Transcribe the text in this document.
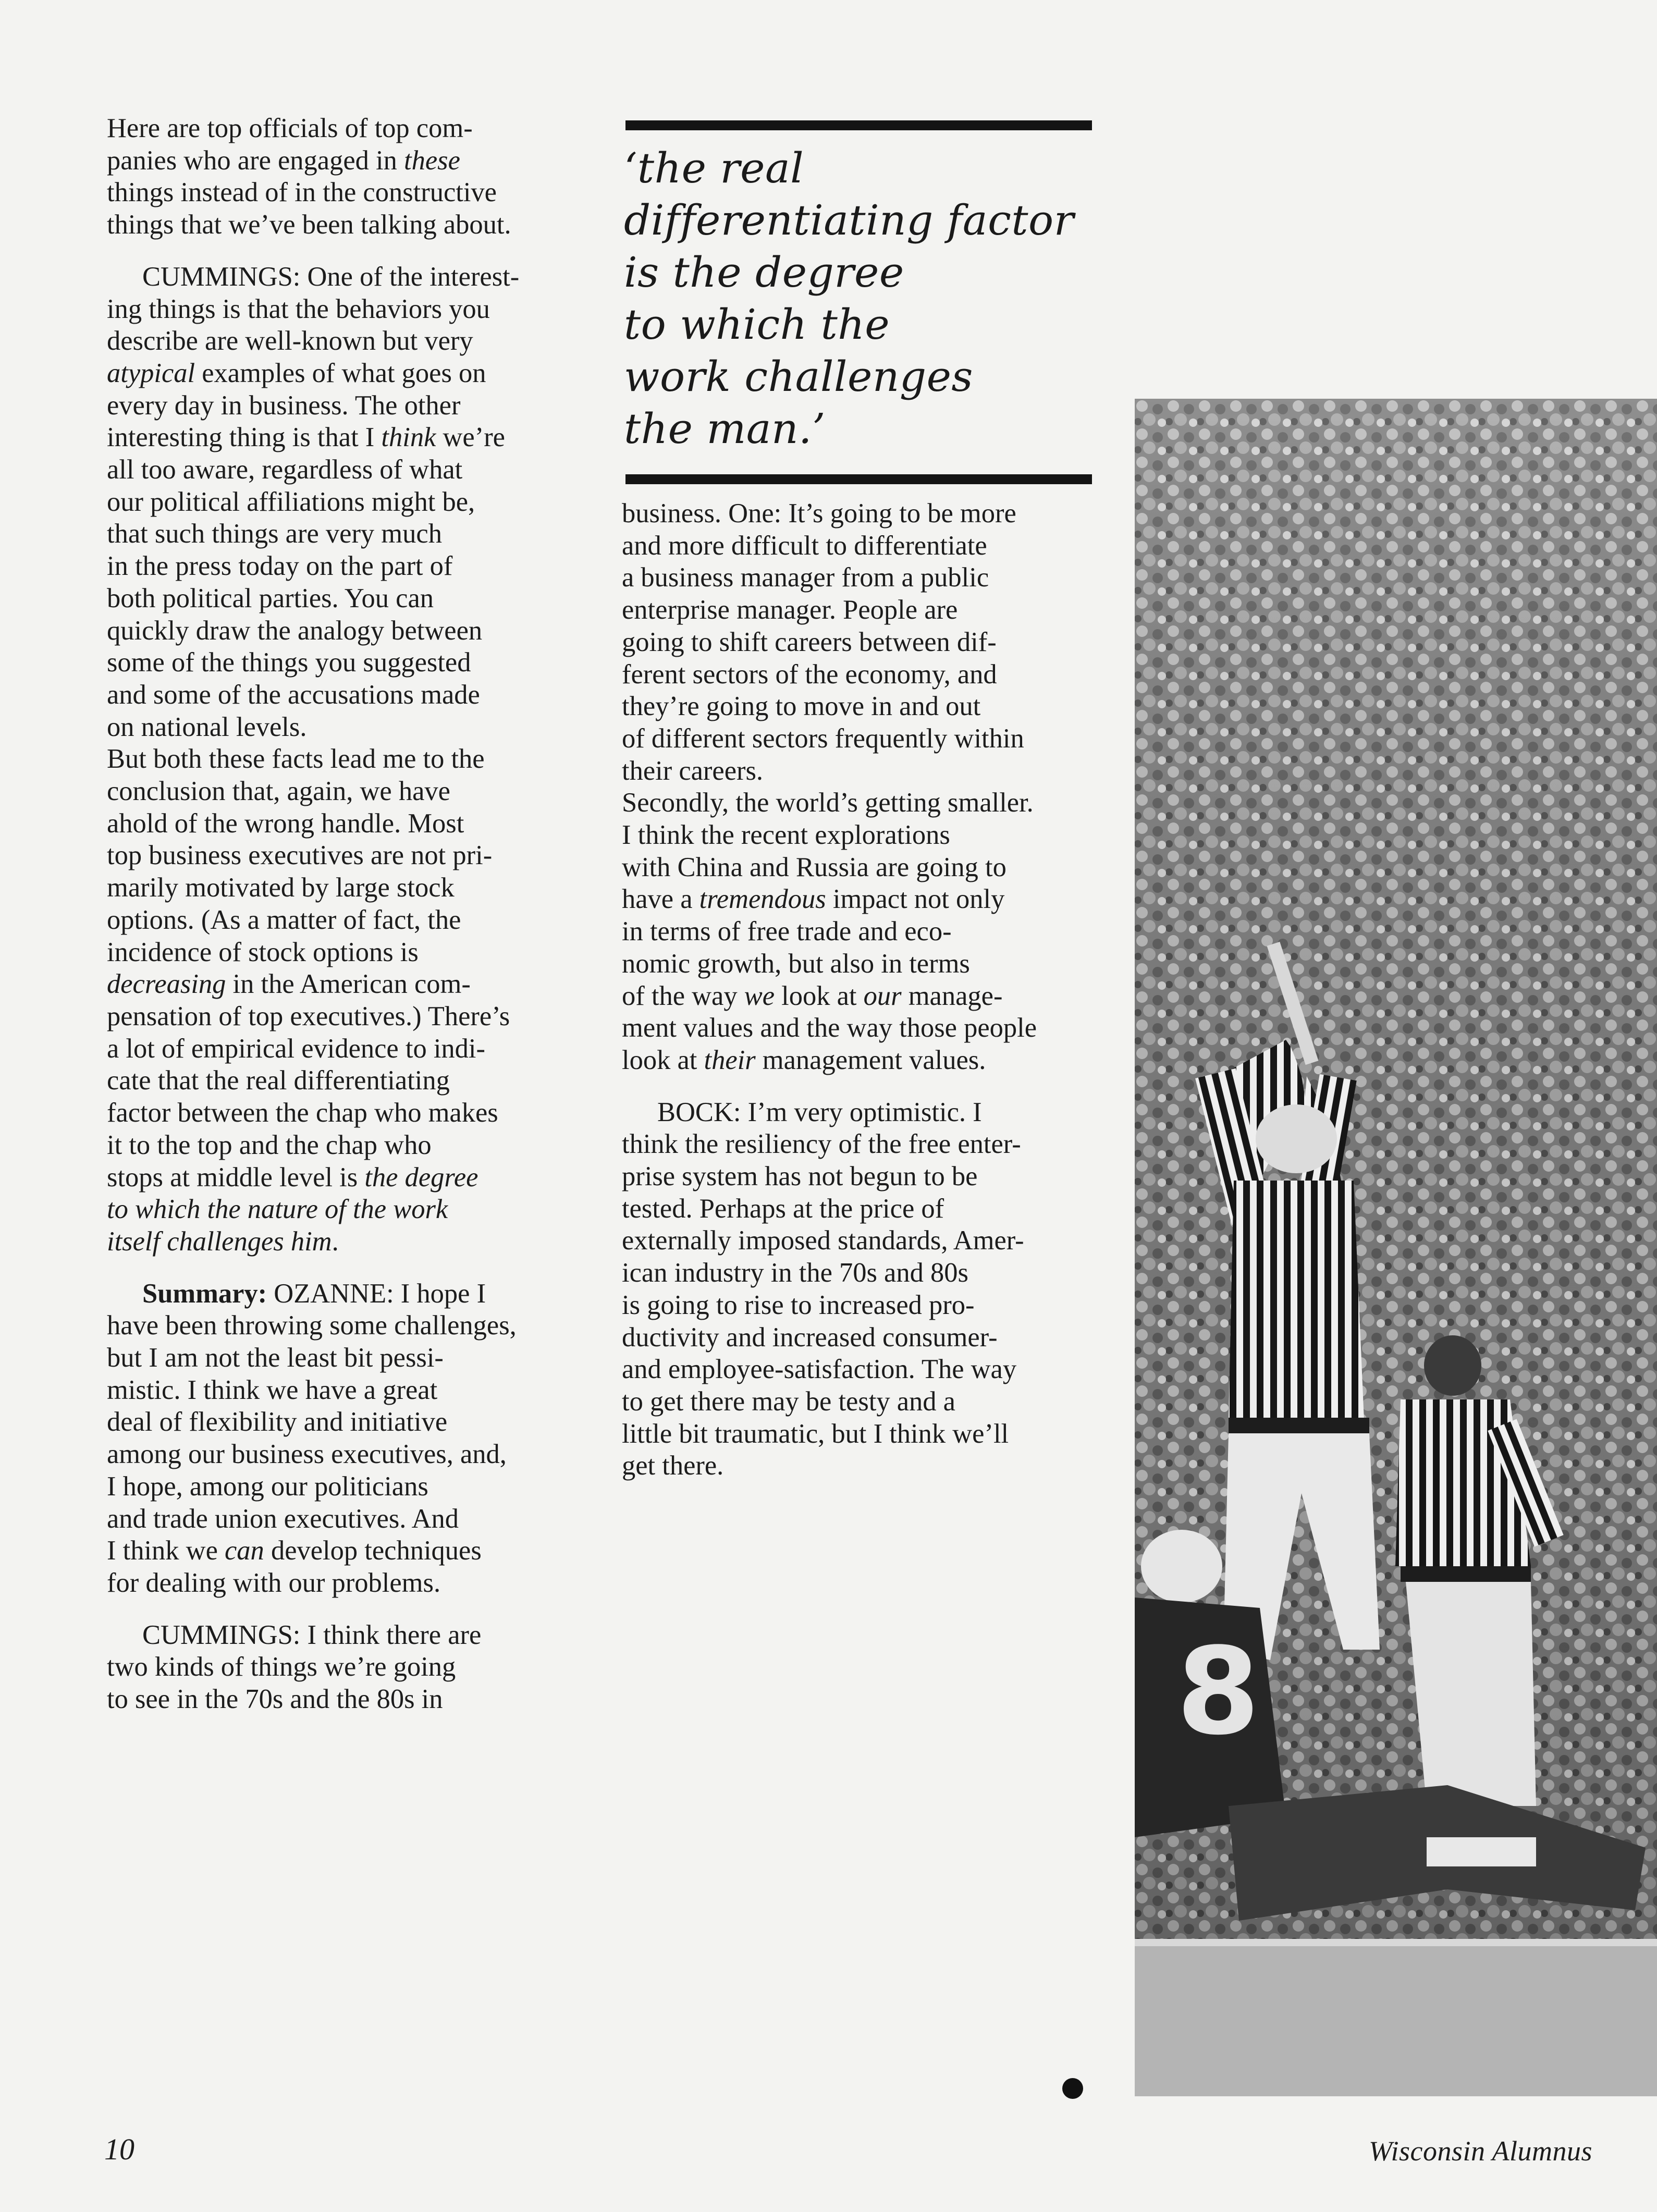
Here are top officials of top com-
panies who are engaged in these
things instead of in the constructive
things that we’ve been talking about.

CUMMINGS: One of the interest-
ing things is that the behaviors you
describe are well-known but very
atypical examples of what goes on
every day in business. The other
interesting thing is that I think we’re
all too aware, regardless of what
our political affiliations might be,
that such things are very much
in the press today on the part of
both political parties. You can
quickly draw the analogy between
some of the things you suggested
and some of the accusations made
on national levels.

But both these facts lead me to the
conclusion that, again, we have
ahold of the wrong handle. Most
top business executives are not pri-
marily motivated by large stock
options. (As a matter of fact, the
incidence of stock options is
decreasing in the American com-
pensation of top executives.) There’s
a lot of empirical evidence to indi-
cate that the real differentiating
factor between the chap who makes
it to the top and the chap who
stops at middle level is the degree
to which the nature of the work
itself challenges him.

Summary: OZANNE: I hope I
have been throwing some challenges,
but I am not the least bit pessi-
mistic. I think we have a great
deal of flexibility and initiative
among our business executives, and,
I hope, among our politicians
and trade union executives. And
I think we can develop techniques
for dealing with our problems.

CUMMINGS: I think there are
two kinds of things we’re going
to see in the 70s and the 80s in

‘the real
differentiating factor
is the degree
to which the
work challenges
the man.’

business. One: It’s going to be more
and more difficult to differentiate
a business manager from a public
enterprise manager. People are
going to shift careers between dif-
ferent sectors of the economy, and
they’re going to move in and out
of different sectors frequently within
their careers.

Secondly, the world’s getting smaller.
I think the recent explorations
with China and Russia are going to
have a tremendous impact not only
in terms of free trade and eco-
nomic growth, but also in terms
of the way we look at our manage-
ment values and the way those people
look at their management values.

BOCK: I’m very optimistic. I
think the resiliency of the free enter-
prise system has not begun to be
tested. Perhaps at the price of
externally imposed standards, Amer-
ican industry in the 70s and 80s
is going to rise to increased pro-
ductivity and increased consumer-
and employee-satisfaction. The way
to get there may be testy and a
little bit traumatic, but I think we’ll
get there.

8
10	Wisconsin Alumnus
